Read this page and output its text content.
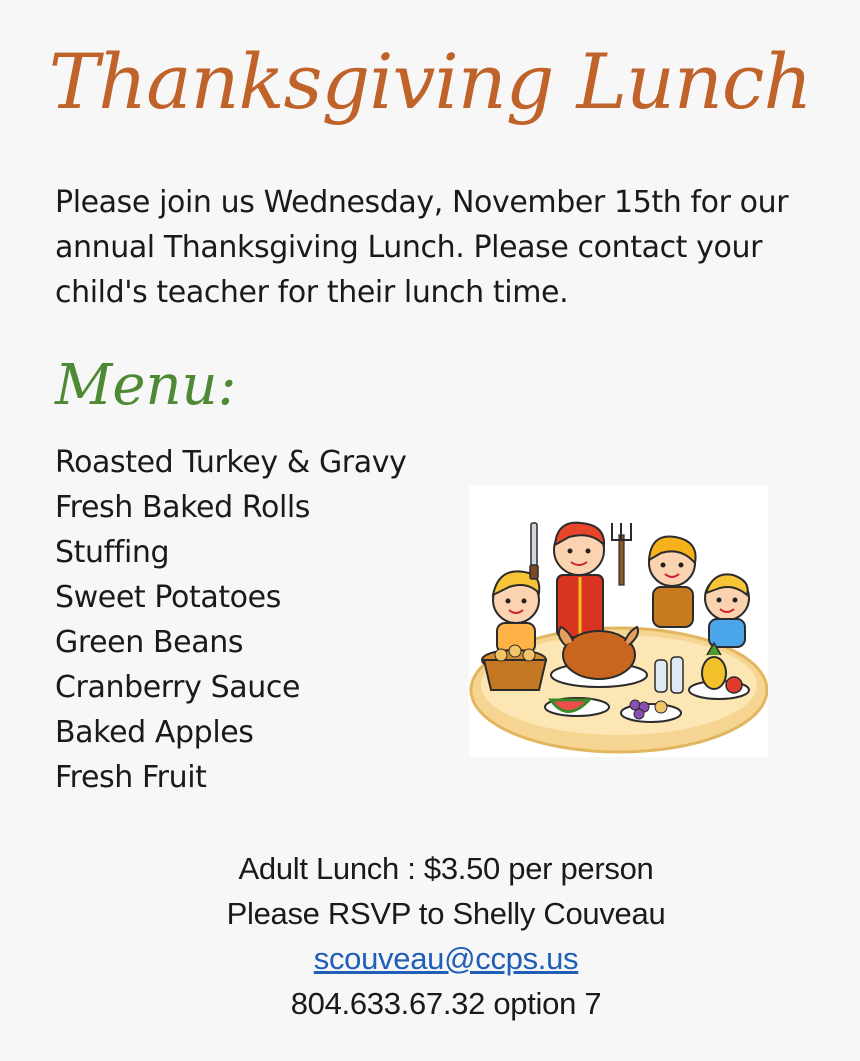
Thanksgiving Lunch
Please join us Wednesday, November 15th for our annual Thanksgiving Lunch. Please contact your child's teacher for their lunch time.
Menu:
Roasted Turkey & Gravy
Fresh Baked Rolls
Stuffing
Sweet Potatoes
Green Beans
Cranberry Sauce
Baked Apples
Fresh Fruit
Adult Lunch : $3.50 per person
Please RSVP to Shelly Couveau
scouveau@ccps.us
804.633.67.32 option 7
